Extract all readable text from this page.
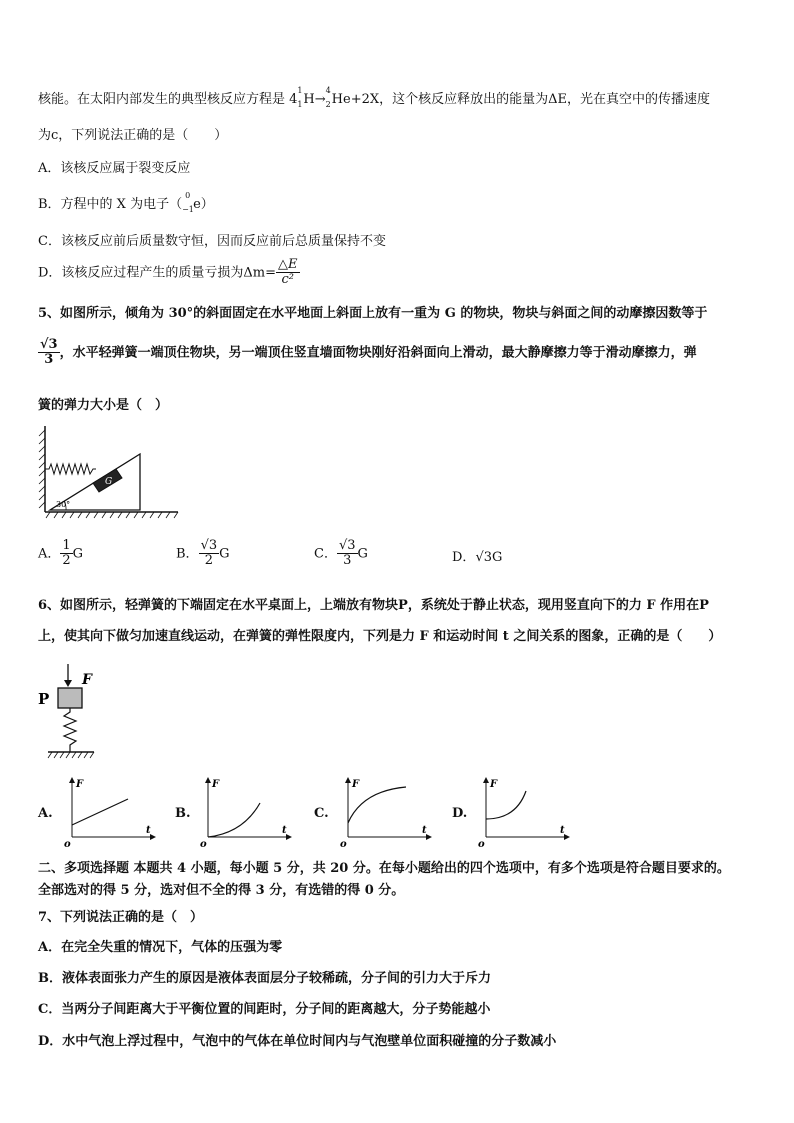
核能。在太阳内部发生的典型核反应方程是 4
1
1 H→
4
2 He+2X，这个核反应释放出的能量为ΔE，光在真空中的传播速度
为c，下列说法正确的是（　　）
A．该核反应属于裂变反应
B．方程中的 X 为电子（
0
−1 e）
C．该核反应前后质量数守恒，因而反应前后总质量保持不变
D．该核反应过程产生的质量亏损为$\Delta m= \frac{\triangle E}{\text{c²}}$
5、如图所示，倾角为 30°的斜面固定在水平地面上斜面上放有一重为 G 的物块，物块与斜面之间的动摩擦因数等于
$\frac{√3}{3}$ ，水平轻弹簧一端顶住物块，另一端顶住竖直墙面物块刚好沿斜面向上滑动，最大静摩擦力等于滑动摩擦力，弹
簧的弹力大小是（　）
G
30°
A． $\frac{1}{2}$ G	B． $\frac{√3}{2}$ G	C． $\frac{√3}{3}$ G	D．√3G
6、如图所示，轻弹簧的下端固定在水平桌面上，上端放有物块P，系统处于静止状态，现用竖直向下的力 F 作用在P
上，使其向下做匀加速直线运动，在弹簧的弹性限度内，下列是力 F 和运动时间 t 之间关系的图象，正确的是（　　）
P
F
A.
F
t
o
B.
F
t
o
C.
F
t
o
D.
F
t
o
二、多项选择题 本题共 4 小题，每小题 5 分，共 20 分。在每小题给出的四个选项中，有多个选项是符合题目要求的。
全部选对的得 5 分，选对但不全的得 3 分，有选错的得 0 分。
7、下列说法正确的是（　）
A．在完全失重的情况下，气体的压强为零
B．液体表面张力产生的原因是液体表面层分子较稀疏，分子间的引力大于斥力
C．当两分子间距离大于平衡位置的间距时，分子间的距离越大，分子势能越小
D．水中气泡上浮过程中，气泡中的气体在单位时间内与气泡壁单位面积碰撞的分子数减小
